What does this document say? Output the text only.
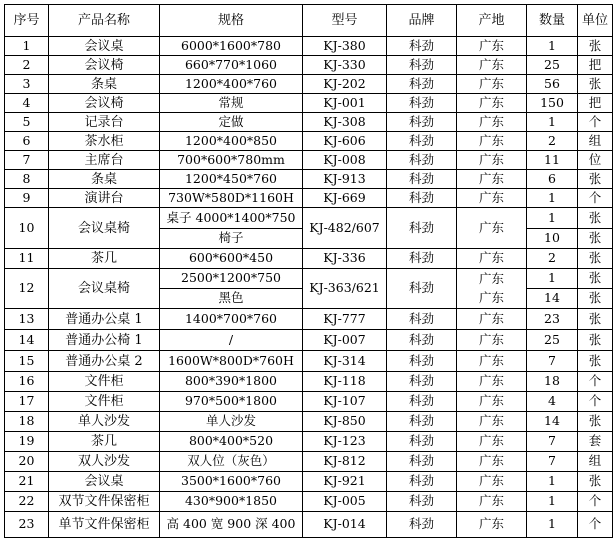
序号	产品名称	规格	型号	品牌	产地	数量	单位
1	会议桌	6000*1600*780	KJ-380	科劲	广东	1	张
2	会议椅	660*770*1060	KJ-330	科劲	广东	25	把
3	条桌	1200*400*760	KJ-202	科劲	广东	56	张
4	会议椅	常规	KJ-001	科劲	广东	150	把
5	记录台	定做	KJ-308	科劲	广东	1	个
6	茶水柜	1200*400*850	KJ-606	科劲	广东	2	组
7	主席台	700*600*780mm	KJ-008	科劲	广东	11	位
8	条桌	1200*450*760	KJ-913	科劲	广东	6	张
9	演讲台	730W*580D*1160H	KJ-669	科劲	广东	1	个
10	会议桌椅	桌子 4000*1400*750	KJ-482/607	科劲	广东	1	张
		椅子				10	张
11	茶几	600*600*450	KJ-336	科劲	广东	2	张
12	会议桌椅	2500*1200*750	KJ-363/621	科劲	广东	1	张
		黑色			广东	14	张
13	普通办公桌 1	1400*700*760	KJ-777	科劲	广东	23	张
14	普通办公椅 1	/	KJ-007	科劲	广东	25	张
15	普通办公桌 2	1600W*800D*760H	KJ-314	科劲	广东	7	张
16	文件柜	800*390*1800	KJ-118	科劲	广东	18	个
17	文件柜	970*500*1800	KJ-107	科劲	广东	4	个
18	单人沙发	单人沙发	KJ-850	科劲	广东	14	张
19	茶几	800*400*520	KJ-123	科劲	广东	7	套
20	双人沙发	双人位（灰色）	KJ-812	科劲	广东	7	组
21	会议桌	3500*1600*760	KJ-921	科劲	广东	1	张
22	双节文件保密柜	430*900*1850	KJ-005	科劲	广东	1	个
23	单节文件保密柜	高 400 宽 900 深 400	KJ-014	科劲	广东	1	个
